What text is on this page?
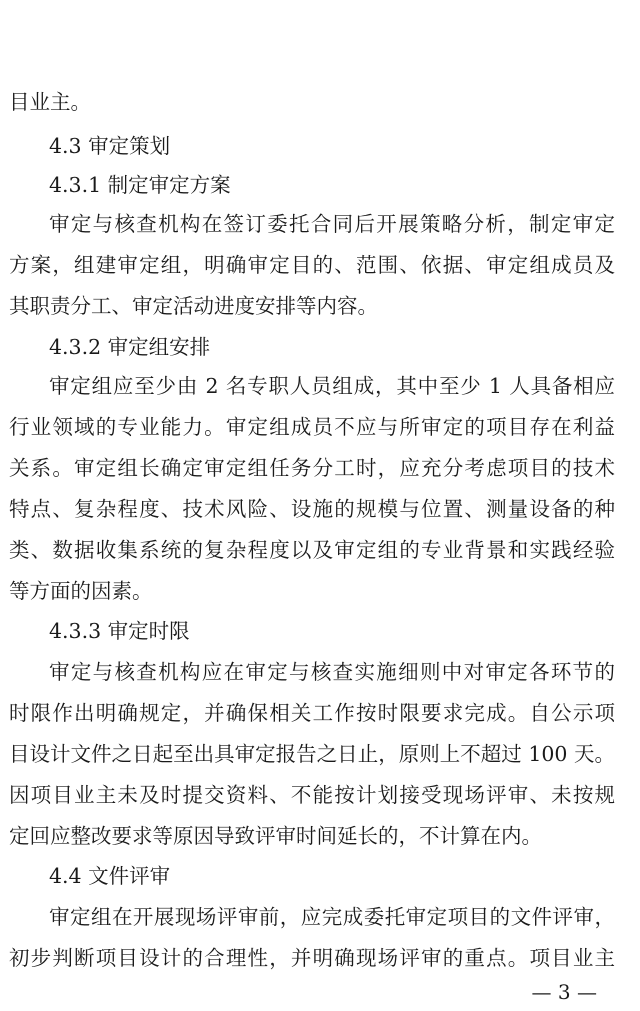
目业主。
4.3 审定策划
4.3.1 制定审定方案
审定与核查机构在签订委托合同后开展策略分析，制定审定
方案，组建审定组，明确审定目的、范围、依据、审定组成员及
其职责分工、审定活动进度安排等内容。
4.3.2 审定组安排
审定组应至少由 2 名专职人员组成，其中至少 1 人具备相应
行业领域的专业能力。审定组成员不应与所审定的项目存在利益
关系。审定组长确定审定组任务分工时，应充分考虑项目的技术
特点、复杂程度、技术风险、设施的规模与位置、测量设备的种
类、数据收集系统的复杂程度以及审定组的专业背景和实践经验
等方面的因素。
4.3.3 审定时限
审定与核查机构应在审定与核查实施细则中对审定各环节的
时限作出明确规定，并确保相关工作按时限要求完成。自公示项
目设计文件之日起至出具审定报告之日止，原则上不超过 100 天。
因项目业主未及时提交资料、不能按计划接受现场评审、未按规
定回应整改要求等原因导致评审时间延长的，不计算在内。
4.4 文件评审
审定组在开展现场评审前，应完成委托审定项目的文件评审，
初步判断项目设计的合理性，并明确现场评审的重点。项目业主
— 3 —
